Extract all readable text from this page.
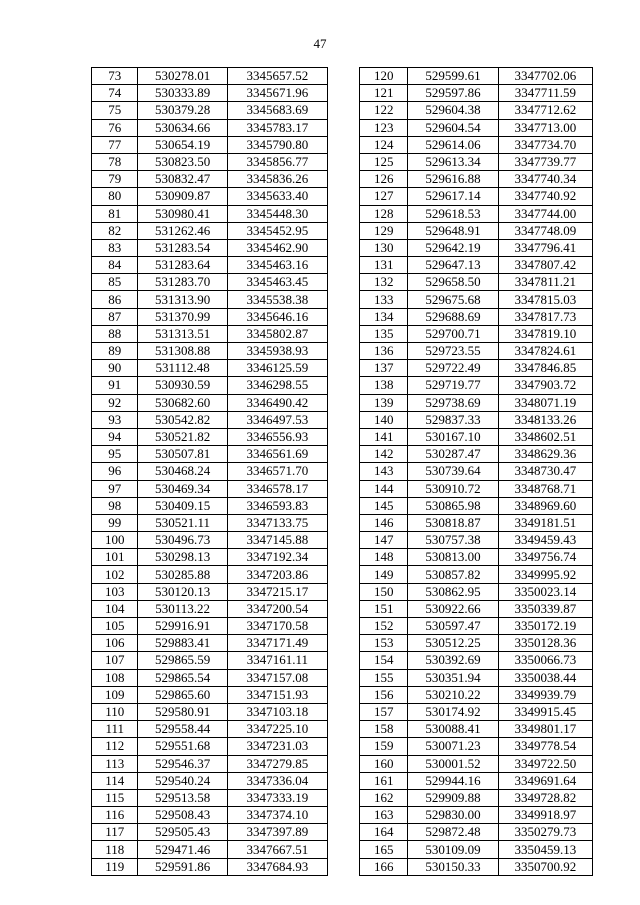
47
73	530278.01	3345657.52
74	530333.89	3345671.96
75	530379.28	3345683.69
76	530634.66	3345783.17
77	530654.19	3345790.80
78	530823.50	3345856.77
79	530832.47	3345836.26
80	530909.87	3345633.40
81	530980.41	3345448.30
82	531262.46	3345452.95
83	531283.54	3345462.90
84	531283.64	3345463.16
85	531283.70	3345463.45
86	531313.90	3345538.38
87	531370.99	3345646.16
88	531313.51	3345802.87
89	531308.88	3345938.93
90	531112.48	3346125.59
91	530930.59	3346298.55
92	530682.60	3346490.42
93	530542.82	3346497.53
94	530521.82	3346556.93
95	530507.81	3346561.69
96	530468.24	3346571.70
97	530469.34	3346578.17
98	530409.15	3346593.83
99	530521.11	3347133.75
100	530496.73	3347145.88
101	530298.13	3347192.34
102	530285.88	3347203.86
103	530120.13	3347215.17
104	530113.22	3347200.54
105	529916.91	3347170.58
106	529883.41	3347171.49
107	529865.59	3347161.11
108	529865.54	3347157.08
109	529865.60	3347151.93
110	529580.91	3347103.18
111	529558.44	3347225.10
112	529551.68	3347231.03
113	529546.37	3347279.85
114	529540.24	3347336.04
115	529513.58	3347333.19
116	529508.43	3347374.10
117	529505.43	3347397.89
118	529471.46	3347667.51
119	529591.86	3347684.93
120	529599.61	3347702.06
121	529597.86	3347711.59
122	529604.38	3347712.62
123	529604.54	3347713.00
124	529614.06	3347734.70
125	529613.34	3347739.77
126	529616.88	3347740.34
127	529617.14	3347740.92
128	529618.53	3347744.00
129	529648.91	3347748.09
130	529642.19	3347796.41
131	529647.13	3347807.42
132	529658.50	3347811.21
133	529675.68	3347815.03
134	529688.69	3347817.73
135	529700.71	3347819.10
136	529723.55	3347824.61
137	529722.49	3347846.85
138	529719.77	3347903.72
139	529738.69	3348071.19
140	529837.33	3348133.26
141	530167.10	3348602.51
142	530287.47	3348629.36
143	530739.64	3348730.47
144	530910.72	3348768.71
145	530865.98	3348969.60
146	530818.87	3349181.51
147	530757.38	3349459.43
148	530813.00	3349756.74
149	530857.82	3349995.92
150	530862.95	3350023.14
151	530922.66	3350339.87
152	530597.47	3350172.19
153	530512.25	3350128.36
154	530392.69	3350066.73
155	530351.94	3350038.44
156	530210.22	3349939.79
157	530174.92	3349915.45
158	530088.41	3349801.17
159	530071.23	3349778.54
160	530001.52	3349722.50
161	529944.16	3349691.64
162	529909.88	3349728.82
163	529830.00	3349918.97
164	529872.48	3350279.73
165	530109.09	3350459.13
166	530150.33	3350700.92
